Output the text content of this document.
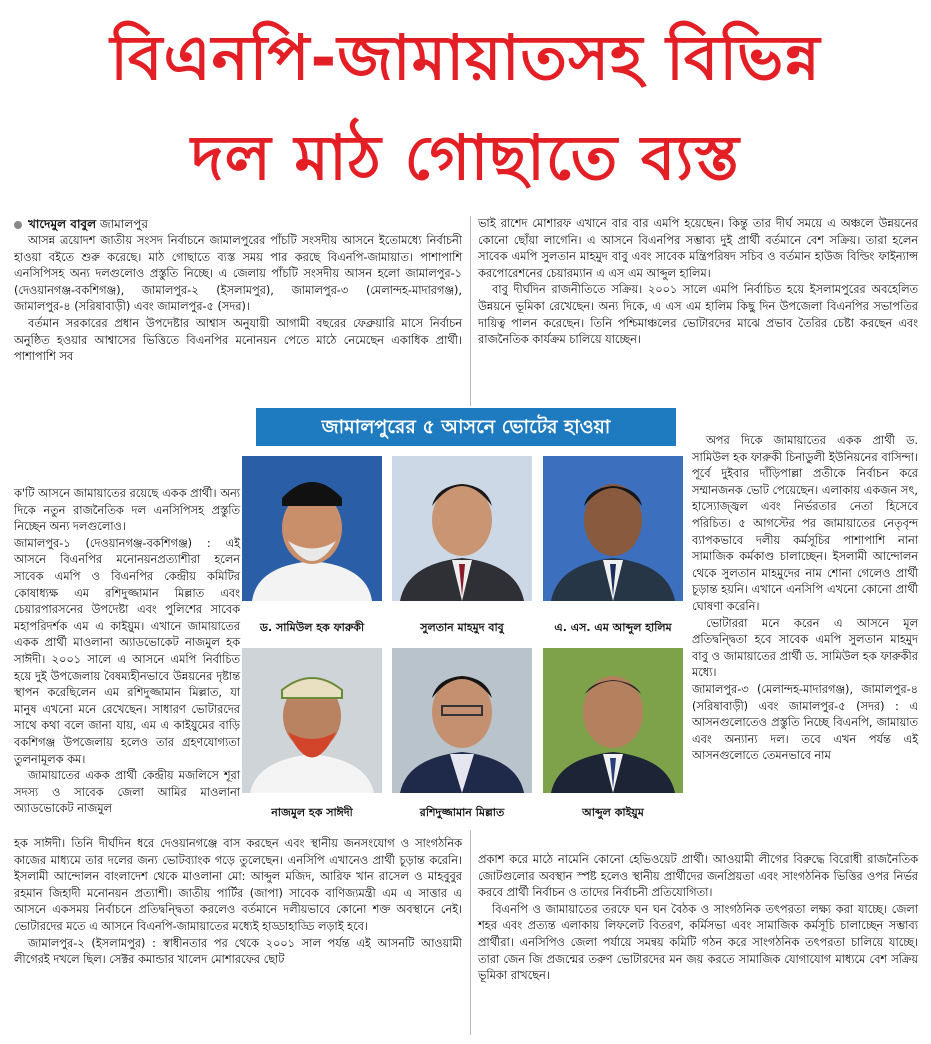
বিএনপি-জামায়াতসহ বিভিন্ন
দল মাঠ গোছাতে ব্যস্ত
খাদেমুল বাবুল জামালপুর

আসন্ন ত্রয়োদশ জাতীয় সংসদ নির্বাচনে জামালপুরের পাঁচটি সংসদীয় আসনে ইতোমধ্যে নির্বাচনী হাওয়া বইতে শুরু করেছে। মাঠ গোছাতে ব্যস্ত সময় পার করছে বিএনপি-জামায়াত। পাশাপাশি এনসিপিসহ অন্য দলগুলোও প্রস্তুতি নিচ্ছে। এ জেলায় পাঁচটি সংসদীয় আসন হলো জামালপুর-১ (দেওয়ানগঞ্জ-বকশিগঞ্জ), জামালপুর-২ (ইসলামপুর), জামালপুর-৩ (মেলান্দহ-মাদারগঞ্জ), জামালপুর-৪ (সরিষাবাড়ী) এবং জামালপুর-৫ (সদর)।

বর্তমান সরকারের প্রধান উপদেষ্টার আশ্বাস অনুযায়ী আগামী বছরের ফেব্রুয়ারি মাসে নির্বাচন অনুষ্ঠিত হওয়ার আশ্বাসের ভিত্তিতে বিএনপির মনোনয়ন পেতে মাঠে নেমেছেন একাধিক প্রার্থী। পাশাপাশি সব

ক'টি আসনে জামায়াতের রয়েছে একক প্রার্থী। অন্য দিকে নতুন রাজনৈতিক দল এনসিপিসহ প্রস্তুতি নিচ্ছেন অন্য দলগুলোও।

জামালপুর-১ (দেওয়ানগঞ্জ-বকশিগঞ্জ) : এই আসনে বিএনপির মনোনয়নপ্রত্যাশীরা হলেন সাবেক এমপি ও বিএনপির কেন্দ্রীয় কমিটির কোষাধ্যক্ষ এম রশিদুজ্জামান মিল্লাত এবং চেয়ারপারসনের উপদেষ্টা এবং পুলিশের সাবেক মহাপরিদর্শক এম এ কাইয়ুম। এখানে জামায়াতের একক প্রার্থী মাওলানা অ্যাডভোকেট নাজমুল হক সাঈদী। ২০০১ সালে এ আসনে এমপি নির্বাচিত হয়ে দুই উপজেলায় বৈষম্যহীনভাবে উন্নয়নের দৃষ্টান্ত স্থাপন করেছিলেন এম রশিদুজ্জামান মিল্লাত, যা মানুষ এখনো মনে রেখেছেন। সাধারণ ভোটারদের সাথে কথা বলে জানা যায়, এম এ কাইয়ুমের বাড়ি বকশিগঞ্জ উপজেলায় হলেও তার গ্রহণযোগ্যতা তুলনামূলক কম।

জামায়াতের একক প্রার্থী কেন্দ্রীয় মজলিসে শূরা সদস্য ও সাবেক জেলা আমির মাওলানা অ্যাডভোকেট নাজমুল

হক সাঈদী। তিনি দীর্ঘদিন ধরে দেওয়ানগঞ্জে বাস করছেন এবং স্থানীয় জনসংযোগ ও সাংগঠনিক কাজের মাধ্যমে তার দলের জন্য ভোটব্যাংক গড়ে তুলেছেন। এনসিপি এখানেও প্রার্থী চূড়ান্ত করেনি। ইসলামী আন্দোলন বাংলাদেশ থেকে মাওলানা মো: আব্দুল মজিদ, আরিফ খান রাসেল ও মাহবুবুর রহমান জিহাদী মনোনয়ন প্রত্যাশী। জাতীয় পার্টির (জাপা) সাবেক বাণিজ্যমন্ত্রী এম এ সাত্তার এ আসনে একসময় নির্বাচনে প্রতিদ্বন্দ্বিতা করলেও বর্তমানে দলীয়ভাবে কোনো শক্ত অবস্থানে নেই। ভোটারদের মতে এ আসনে বিএনপি-জামায়াতের মধ্যেই হাড্ডাহাড্ডি লড়াই হবে।

জামালপুর-২ (ইসলামপুর) : স্বাধীনতার পর থেকে ২০০১ সাল পর্যন্ত এই আসনটি আওয়ামী লীগেরই দখলে ছিল। সেক্টর কমান্ডার খালেদ মোশারফের ছোট

ভাই রাশেদ মোশারফ এখানে বার বার এমপি হয়েছেন। কিন্তু তার দীর্ঘ সময়ে এ অঞ্চলে উন্নয়নের কোনো ছোঁয়া লাগেনি। এ আসনে বিএনপির সম্ভাব্য দুই প্রার্থী বর্তমানে বেশ সক্রিয়। তারা হলেন সাবেক এমপি সুলতান মাহমুদ বাবু এবং সাবেক মন্ত্রিপরিষদ সচিব ও বর্তমান হাউজ বিল্ডিং ফাইন্যান্স করপোরেশনের চেয়ারম্যান এ এস এম আব্দুল হালিম।

বাবু দীর্ঘদিন রাজনীতিতে সক্রিয়। ২০০১ সালে এমপি নির্বাচিত হয়ে ইসলামপুরের অবহেলিত উন্নয়নে ভূমিকা রেখেছেন। অন্য দিকে, এ এস এম হালিম কিছু দিন উপজেলা বিএনপির সভাপতির দায়িত্ব পালন করেছেন। তিনি পশ্চিমাঞ্চলের ভোটারদের মাঝে প্রভাব তৈরির চেষ্টা করছেন এবং রাজনৈতিক কার্যক্রম চালিয়ে যাচ্ছেন।

অপর দিকে জামায়াতের একক প্রার্থী ড. সামিউল হক ফারুকী চিনাডুলী ইউনিয়নের বাসিন্দা। পূর্বে দুইবার দাঁড়িপাল্লা প্রতীকে নির্বাচন করে সম্মানজনক ভোট পেয়েছেন। এলাকায় একজন সৎ, হাস্যোজ্জ্বল এবং নির্ভরতার নেতা হিসেবে পরিচিত। ৫ আগস্টের পর জামায়াতের নেতৃবৃন্দ ব্যাপকভাবে দলীয় কর্মসূচির পাশাপাশি নানা সামাজিক কর্মকাণ্ড চালাচ্ছেন। ইসলামী আন্দোলন থেকে সুলতান মাহমুদের নাম শোনা গেলেও প্রার্থী চূড়ান্ত হয়নি। এখানে এনসিপি এখনো কোনো প্রার্থী ঘোষণা করেনি।

ভোটাররা মনে করেন এ আসনে মূল প্রতিদ্বন্দ্বিতা হবে সাবেক এমপি সুলতান মাহমুদ বাবু ও জামায়াতের প্রার্থী ড. সামিউল হক ফারুকীর মধ্যে।

জামালপুর-৩ (মেলান্দহ-মাদারগঞ্জ), জামালপুর-৪ (সরিষাবাড়ী) এবং জামালপুর-৫ (সদর) : এ আসনগুলোতেও প্রস্তুতি নিচ্ছে বিএনপি, জামায়াত এবং অন্যান্য দল। তবে এখন পর্যন্ত এই আসনগুলোতে তেমনভাবে নাম

প্রকাশ করে মাঠে নামেনি কোনো হেভিওয়েট প্রার্থী। আওয়ামী লীগের বিরুদ্ধে বিরোধী রাজনৈতিক জোটগুলোর অবস্থান স্পষ্ট হলেও স্থানীয় প্রার্থীদের জনপ্রিয়তা এবং সাংগঠনিক ভিত্তির ওপর নির্ভর করবে প্রার্থী নির্বাচন ও তাদের নির্বাচনী প্রতিযোগিতা।

বিএনপি ও জামায়াতের তরফে ঘন ঘন বৈঠক ও সাংগঠনিক তৎপরতা লক্ষ্য করা যাচ্ছে। জেলা শহর এবং প্রত্যন্ত এলাকায় লিফলেট বিতরণ, কর্মিসভা এবং সামাজিক কর্মসূচি চালাচ্ছেন সম্ভাব্য প্রার্থীরা। এনসিপিও জেলা পর্যায়ে সমন্বয় কমিটি গঠন করে সাংগঠনিক তৎপরতা চালিয়ে যাচ্ছে। তারা জেন জি প্রজন্মের তরুণ ভোটারদের মন জয় করতে সামাজিক যোগাযোগ মাধ্যমে বেশ সক্রিয় ভূমিকা রাখছেন।

জামালপুরের ৫ আসনে ভোটের হাওয়া
ড. সামিউল হক ফারুকী	সুলতান মাহমুদ বাবু	এ. এস. এম আব্দুল হালিম
নাজমুল হক সাঈদী	রশিদুজ্জামান মিল্লাত	আব্দুল কাইয়ুম
